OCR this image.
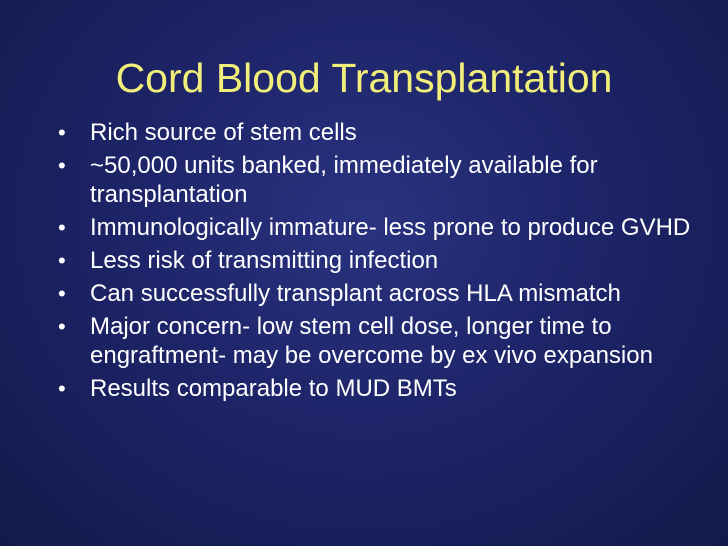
Cord Blood Transplantation
•	Rich source of stem cells
•	~50,000 units banked, immediately available for transplantation
•	Immunologically immature- less prone to produce GVHD
•	Less risk of transmitting infection
•	Can successfully transplant across HLA mismatch
•	Major concern- low stem cell dose, longer time to engraftment- may be overcome by ex vivo expansion
•	Results comparable to MUD BMTs
